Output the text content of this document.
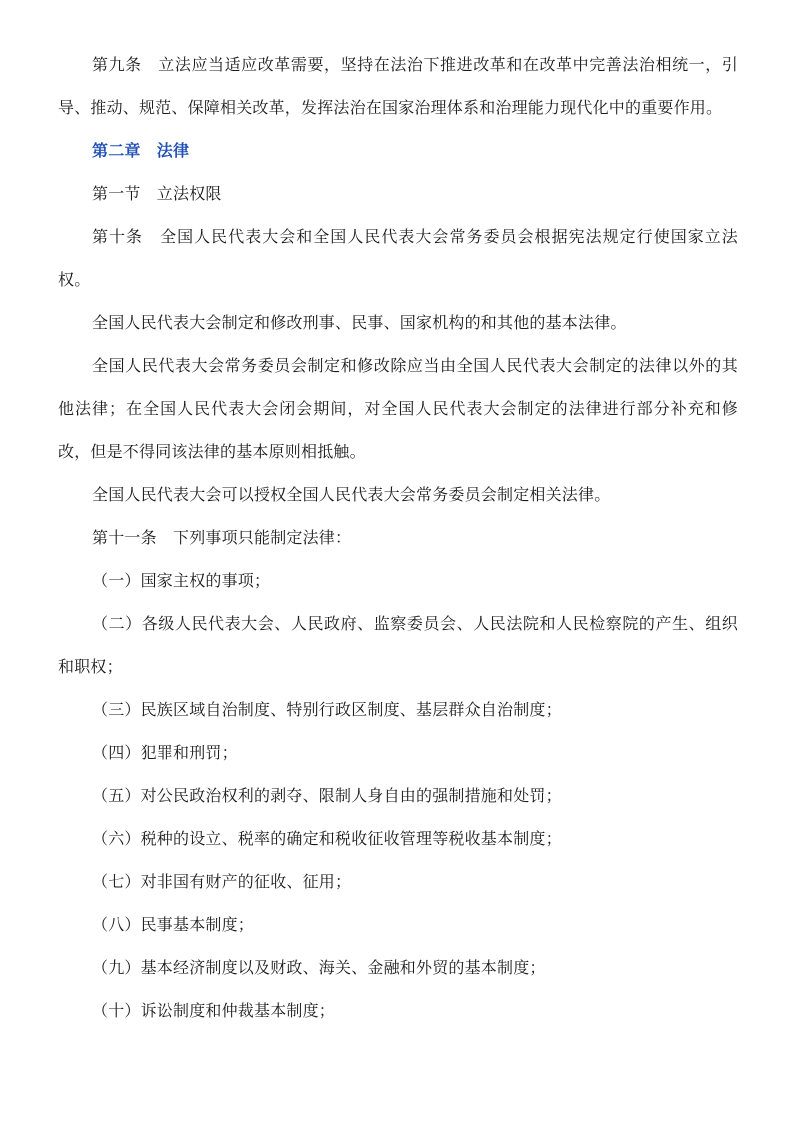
第九条　立法应当适应改革需要，坚持在法治下推进改革和在改革中完善法治相统一，引导、推动、规范、保障相关改革，发挥法治在国家治理体系和治理能力现代化中的重要作用。

第二章　法律

第一节　立法权限

第十条　全国人民代表大会和全国人民代表大会常务委员会根据宪法规定行使国家立法权。

全国人民代表大会制定和修改刑事、民事、国家机构的和其他的基本法律。

全国人民代表大会常务委员会制定和修改除应当由全国人民代表大会制定的法律以外的其他法律；在全国人民代表大会闭会期间，对全国人民代表大会制定的法律进行部分补充和修改，但是不得同该法律的基本原则相抵触。

全国人民代表大会可以授权全国人民代表大会常务委员会制定相关法律。

第十一条　下列事项只能制定法律：

（一）国家主权的事项；

（二）各级人民代表大会、人民政府、监察委员会、人民法院和人民检察院的产生、组织和职权；

（三）民族区域自治制度、特别行政区制度、基层群众自治制度；

（四）犯罪和刑罚；

（五）对公民政治权利的剥夺、限制人身自由的强制措施和处罚；

（六）税种的设立、税率的确定和税收征收管理等税收基本制度；

（七）对非国有财产的征收、征用；

（八）民事基本制度；

（九）基本经济制度以及财政、海关、金融和外贸的基本制度；

（十）诉讼制度和仲裁基本制度；
